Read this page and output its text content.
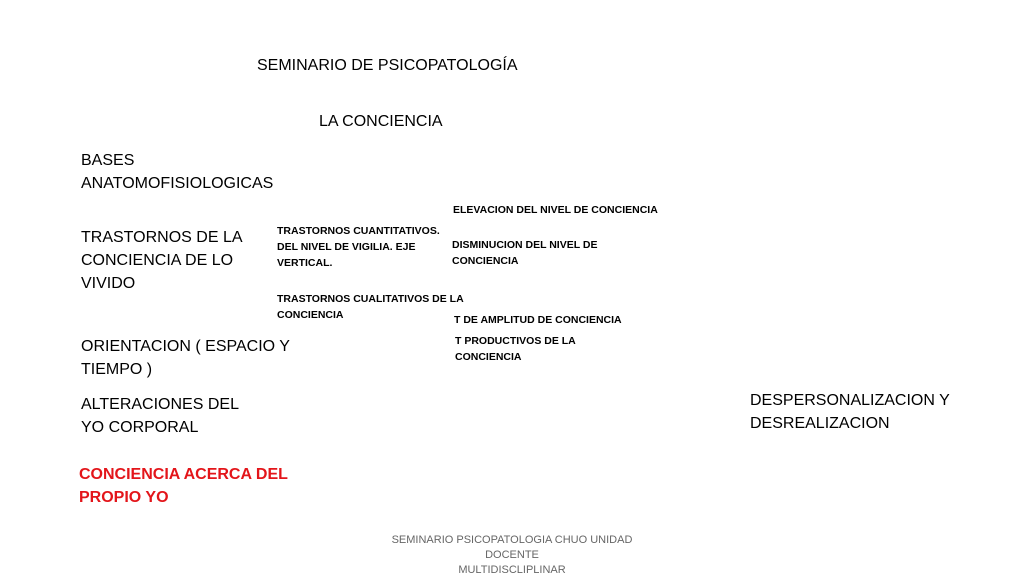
SEMINARIO DE PSICOPATOLOGÍA
LA CONCIENCIA
BASES
ANATOMOFISIOLOGICAS
TRASTORNOS DE LA
CONCIENCIA DE LO
VIVIDO
ORIENTACION ( ESPACIO Y
TIEMPO )
ALTERACIONES DEL
YO CORPORAL
CONCIENCIA ACERCA DEL
PROPIO YO
TRASTORNOS CUANTITATIVOS.
DEL NIVEL DE VIGILIA. EJE
VERTICAL.
TRASTORNOS CUALITATIVOS DE LA
CONCIENCIA
ELEVACION DEL NIVEL DE CONCIENCIA
DISMINUCION DEL NIVEL DE
CONCIENCIA
T DE AMPLITUD DE CONCIENCIA
T PRODUCTIVOS DE LA
CONCIENCIA
DESPERSONALIZACION Y
DESREALIZACION
SEMINARIO PSICOPATOLOGIA CHUO UNIDAD DOCENTE
MULTIDISCLIPLINAR
